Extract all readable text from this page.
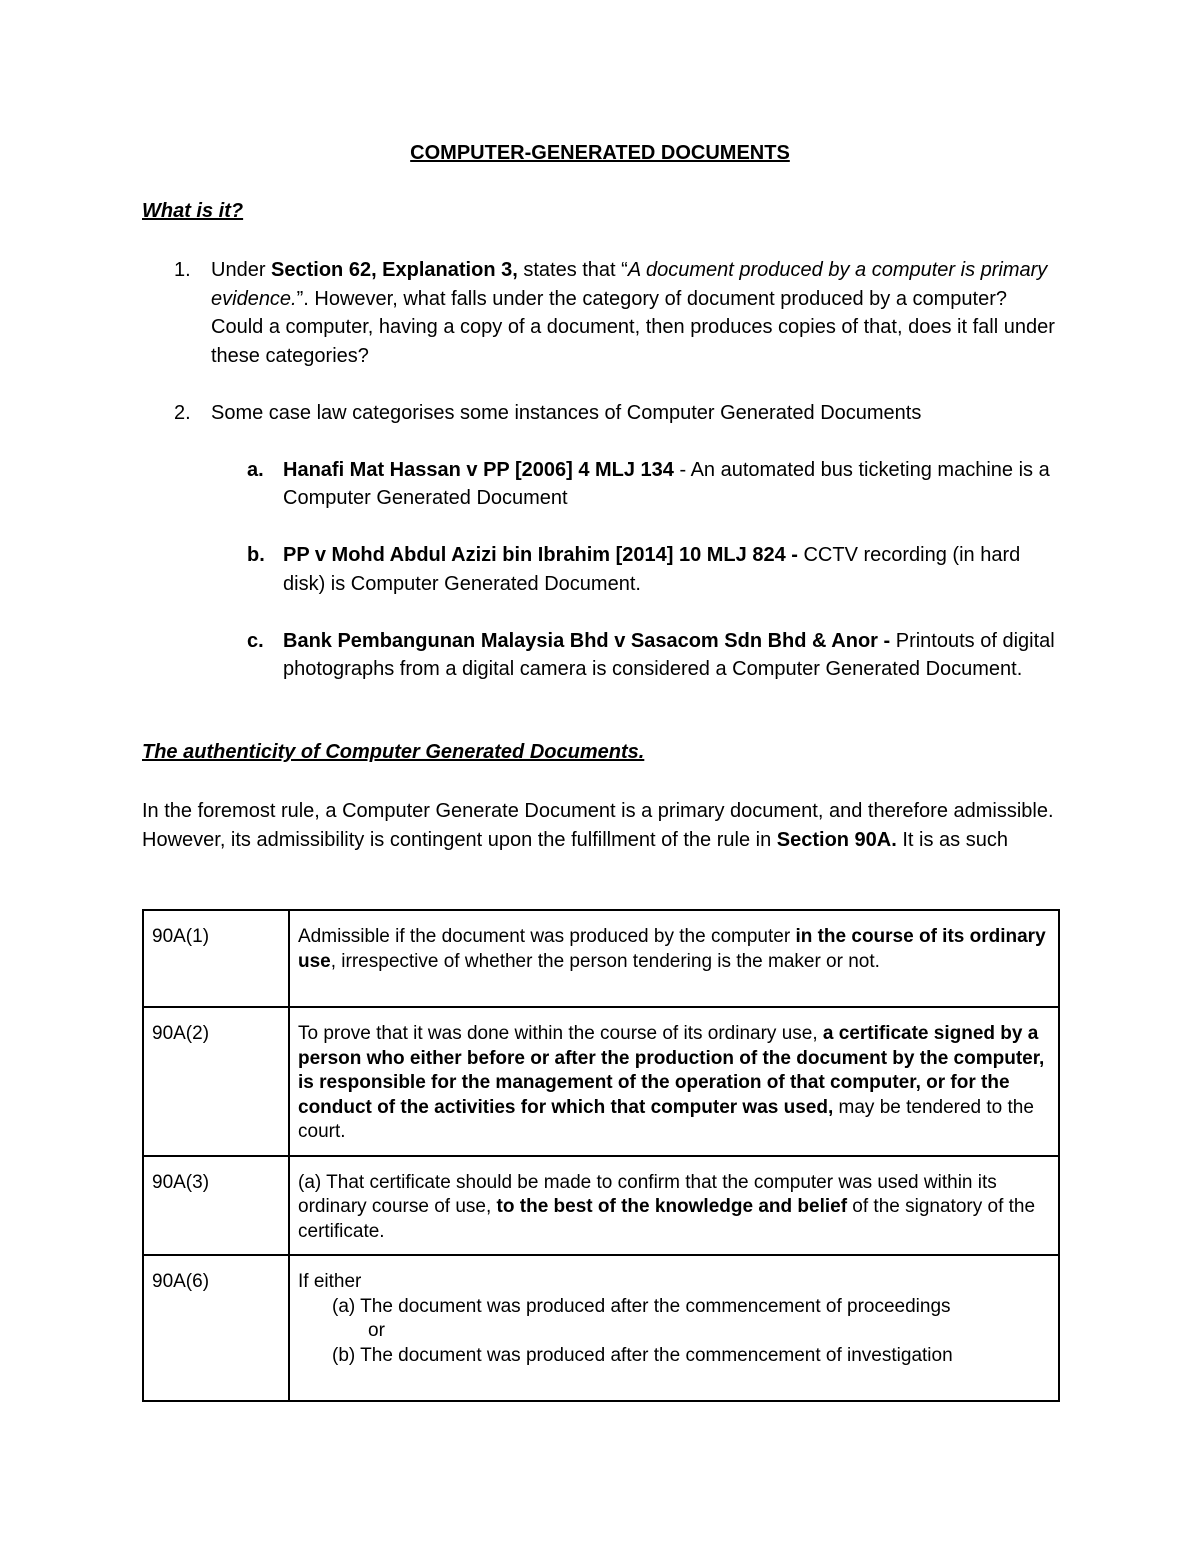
COMPUTER-GENERATED DOCUMENTS
What is it?
1. Under Section 62, Explanation 3, states that “A document produced by a computer is primary evidence.”. However, what falls under the category of document produced by a computer? Could a computer, having a copy of a document, then produces copies of that, does it fall under these categories?
2. Some case law categorises some instances of Computer Generated Documents
a. Hanafi Mat Hassan v PP [2006] 4 MLJ 134 - An automated bus ticketing machine is a Computer Generated Document
b. PP v Mohd Abdul Azizi bin Ibrahim [2014] 10 MLJ 824 - CCTV recording (in hard disk) is Computer Generated Document.
c. Bank Pembangunan Malaysia Bhd v Sasacom Sdn Bhd & Anor - Printouts of digital photographs from a digital camera is considered a Computer Generated Document.
The authenticity of Computer Generated Documents.
In the foremost rule, a Computer Generate Document is a primary document, and therefore admissible. However, its admissibility is contingent upon the fulfillment of the rule in Section 90A. It is as such
90A(1)	Admissible if the document was produced by the computer in the course of its ordinary use, irrespective of whether the person tendering is the maker or not.
90A(2)	To prove that it was done within the course of its ordinary use, a certificate signed by a person who either before or after the production of the document by the computer, is responsible for the management of the operation of that computer, or for the conduct of the activities for which that computer was used, may be tendered to the court.
90A(3)	(a) That certificate should be made to confirm that the computer was used within its ordinary course of use, to the best of the knowledge and belief of the signatory of the certificate.
90A(6)	If either
(a) The document was produced after the commencement of proceedings
or
(b) The document was produced after the commencement of investigation
